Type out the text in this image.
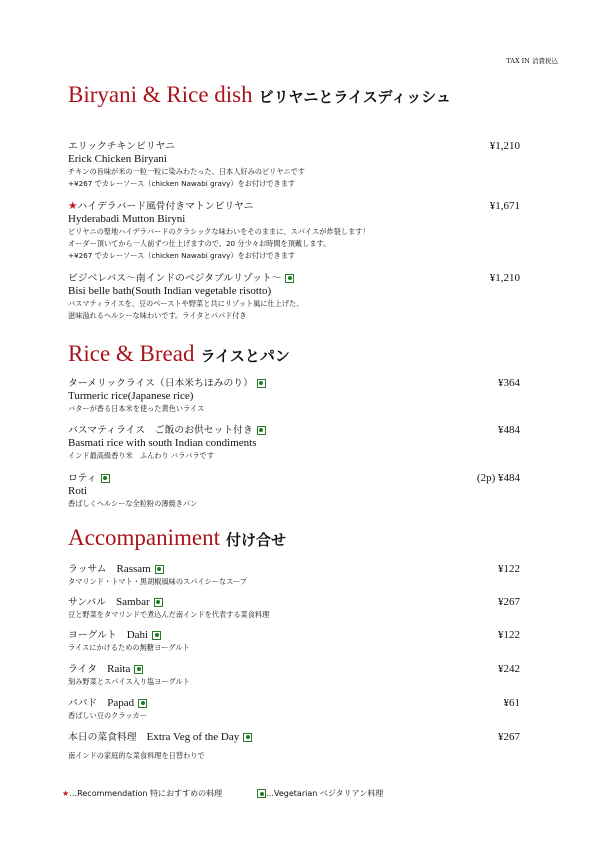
TAX IN 消費税込
Biryani & Rice dish ビリヤニとライスディッシュ
エリックチキンビリヤニ	¥1,210
Erick Chicken Biryani
チキンの旨味が米の一粒一粒に染みわたった、日本人好みのビリヤニです
+¥267 でカレーソース（chicken Nawabi gravy）をお付けできます
★ハイデラバード風骨付きマトンビリヤニ	¥1,671
Hyderabadi Mutton Biryni
ビリヤニの聖地ハイデラバードのクラシックな味わいをそのままに、スパイスが炸裂します！
オーダー頂いてから一人前ずつ仕上げますので、20 分少々お時間を頂戴します。
+¥267 でカレーソース（chicken Nawabi gravy）をお付けできます
ビジベレバス〜南インドのベジタブルリゾット〜	¥1,210
Bisi belle bath(South Indian vegetable risotto)
バスマティライスを、豆のペーストや野菜と共にリゾット風に仕上げた、
滋味溢れるヘルシーな味わいです。ライタとパパド付き
Rice & Bread ライスとパン
ターメリックライス（日本米ちほみのり）	¥364
Turmeric rice(Japanese rice)
バターが香る日本米を使った黄色いライス
バスマティライス　ご飯のお供セット付き	¥484
Basmati rice with south Indian condiments
インド最高級香り米　ふんわり バラバラです
ロティ	(2p) ¥484
Roti
香ばしくヘルシーな全粒粉の薄焼きパン
Accompaniment 付け合せ
ラッサム Rassam	¥122
タマリンド・トマト・黒胡椒風味のスパイシーなスープ
サンバル Sambar	¥267
豆と野菜をタマリンドで煮込んだ南インドを代表する菜食料理
ヨーグルト Dahi	¥122
ライスにかけるための無糖ヨーグルト
ライタ Raita	¥242
刻み野菜とスパイス入り塩ヨーグルト
パパド Papad	¥61
香ばしい豆のクラッカー
本日の菜食料理 Extra Veg of the Day	¥267
南インドの家庭的な菜食料理を日替わりで
★…Recommendation 特におすすめの料理	…Vegetarian ベジタリアン料理
